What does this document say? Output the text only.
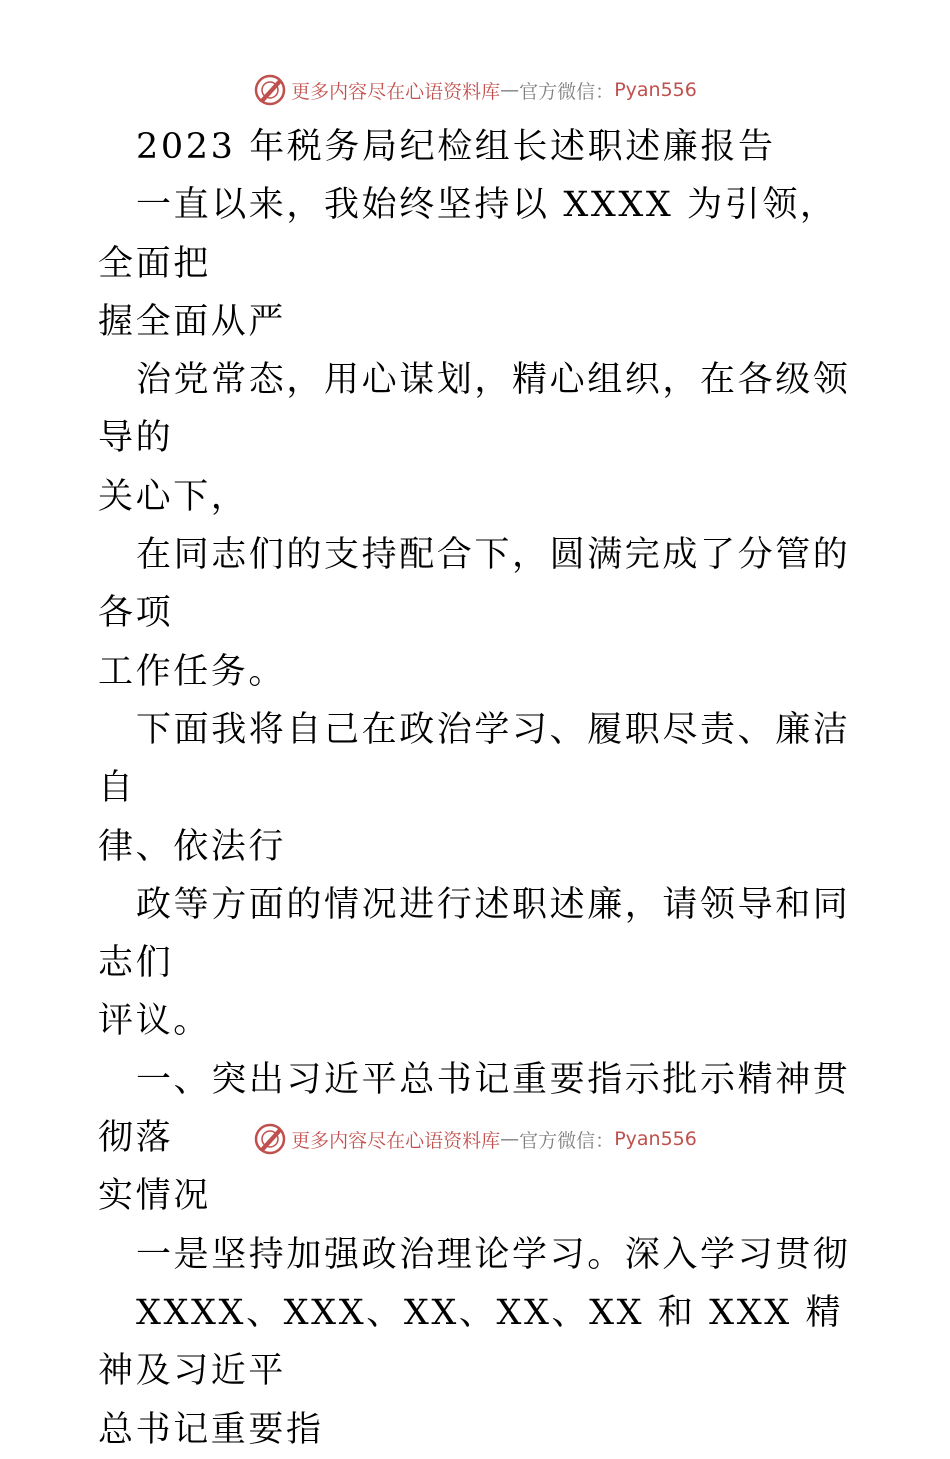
更多内容尽在心语资料库 — 官方微信： Pyan556

2023 年税务局纪检组长述职述廉报告

一直以来，我始终坚持以 XXXX 为引领，全面把

握全面从严

治党常态，用心谋划，精心组织，在各级领导的

关心下，

在同志们的支持配合下，圆满完成了分管的各项

工作任务。

下面我将自己在政治学习、履职尽责、廉洁自

律、依法行

政等方面的情况进行述职述廉，请领导和同志们

评议。

一、突出习近平总书记重要指示批示精神贯彻落

实情况

一是坚持加强政治理论学习。深入学习贯彻

XXXX、XXX、XX、XX、XX 和 XXX 精神及习近平

总书记重要指

更多内容尽在心语资料库 — 官方微信： Pyan556
